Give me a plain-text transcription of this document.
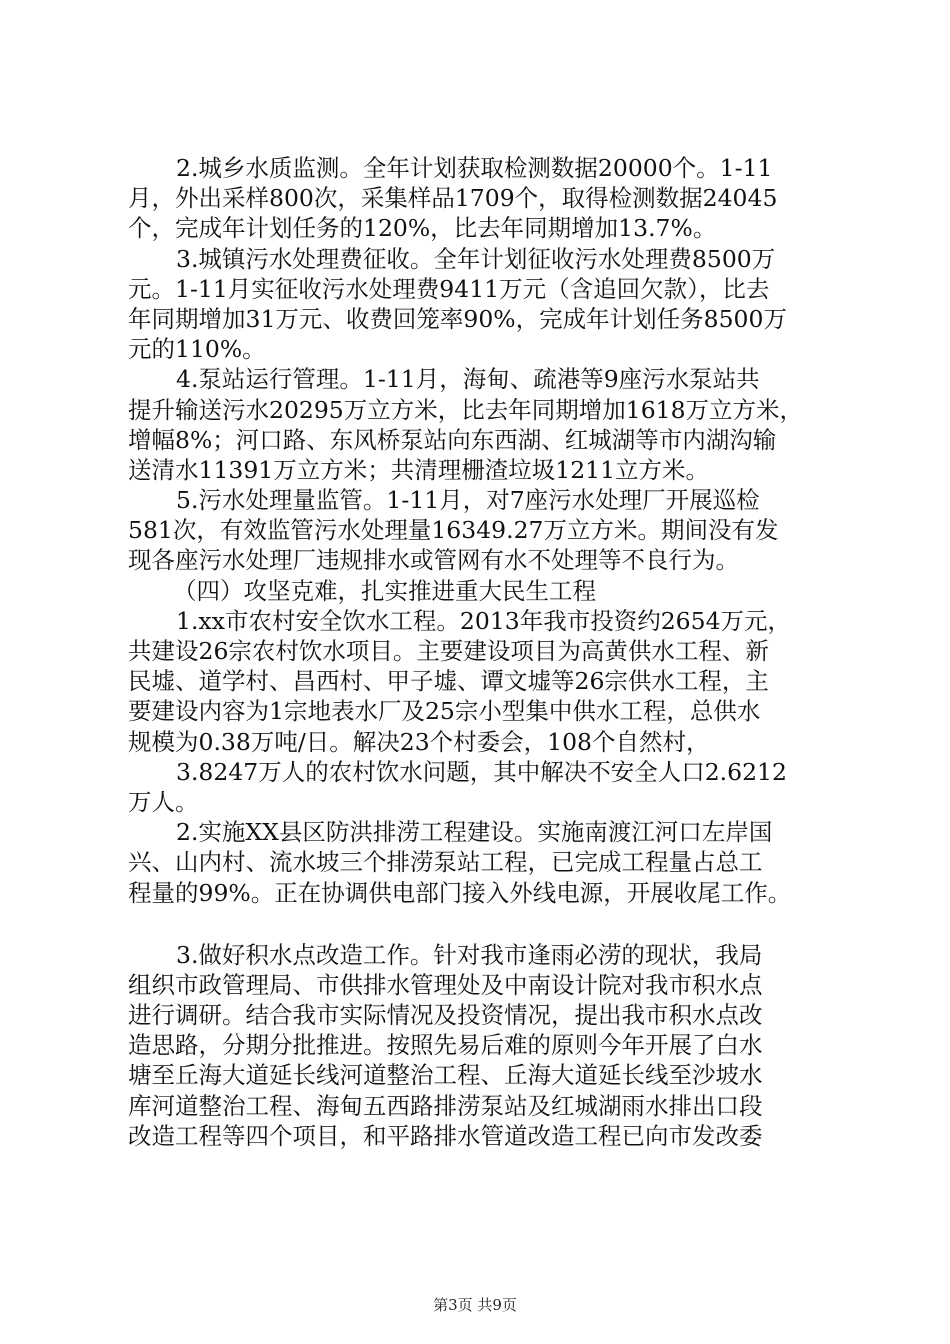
2.城乡水质监测。全年计划获取检测数据20000个。1-11
月，外出采样800次，采集样品1709个，取得检测数据24045
个，完成年计划任务的120%，比去年同期增加13.7%。
3.城镇污水处理费征收。全年计划征收污水处理费8500万
元。1-11月实征收污水处理费9411万元（含追回欠款），比去
年同期增加31万元、收费回笼率90%，完成年计划任务8500万
元的110%。
4.泵站运行管理。1-11月，海甸、疏港等9座污水泵站共
提升输送污水20295万立方米，比去年同期增加1618万立方米，
增幅8%；河口路、东风桥泵站向东西湖、红城湖等市内湖沟输
送清水11391万立方米；共清理栅渣垃圾1211立方米。
5.污水处理量监管。1-11月，对7座污水处理厂开展巡检
581次，有效监管污水处理量16349.27万立方米。期间没有发
现各座污水处理厂违规排水或管网有水不处理等不良行为。
（四）攻坚克难，扎实推进重大民生工程
1.xx市农村安全饮水工程。2013年我市投资约2654万元，
共建设26宗农村饮水项目。主要建设项目为高黄供水工程、新
民墟、道学村、昌西村、甲子墟、谭文墟等26宗供水工程，主
要建设内容为1宗地表水厂及25宗小型集中供水工程，总供水
规模为0.38万吨/日。解决23个村委会，108个自然村，
3.8247万人的农村饮水问题，其中解决不安全人口2.6212
万人。
2.实施XX县区防洪排涝工程建设。实施南渡江河口左岸国
兴、山内村、流水坡三个排涝泵站工程，已完成工程量占总工
程量的99%。正在协调供电部门接入外线电源，开展收尾工作。
3.做好积水点改造工作。针对我市逢雨必涝的现状，我局
组织市政管理局、市供排水管理处及中南设计院对我市积水点
进行调研。结合我市实际情况及投资情况，提出我市积水点改
造思路，分期分批推进。按照先易后难的原则今年开展了白水
塘至丘海大道延长线河道整治工程、丘海大道延长线至沙坡水
库河道整治工程、海甸五西路排涝泵站及红城湖雨水排出口段
改造工程等四个项目，和平路排水管道改造工程已向市发改委
第3页 共9页
